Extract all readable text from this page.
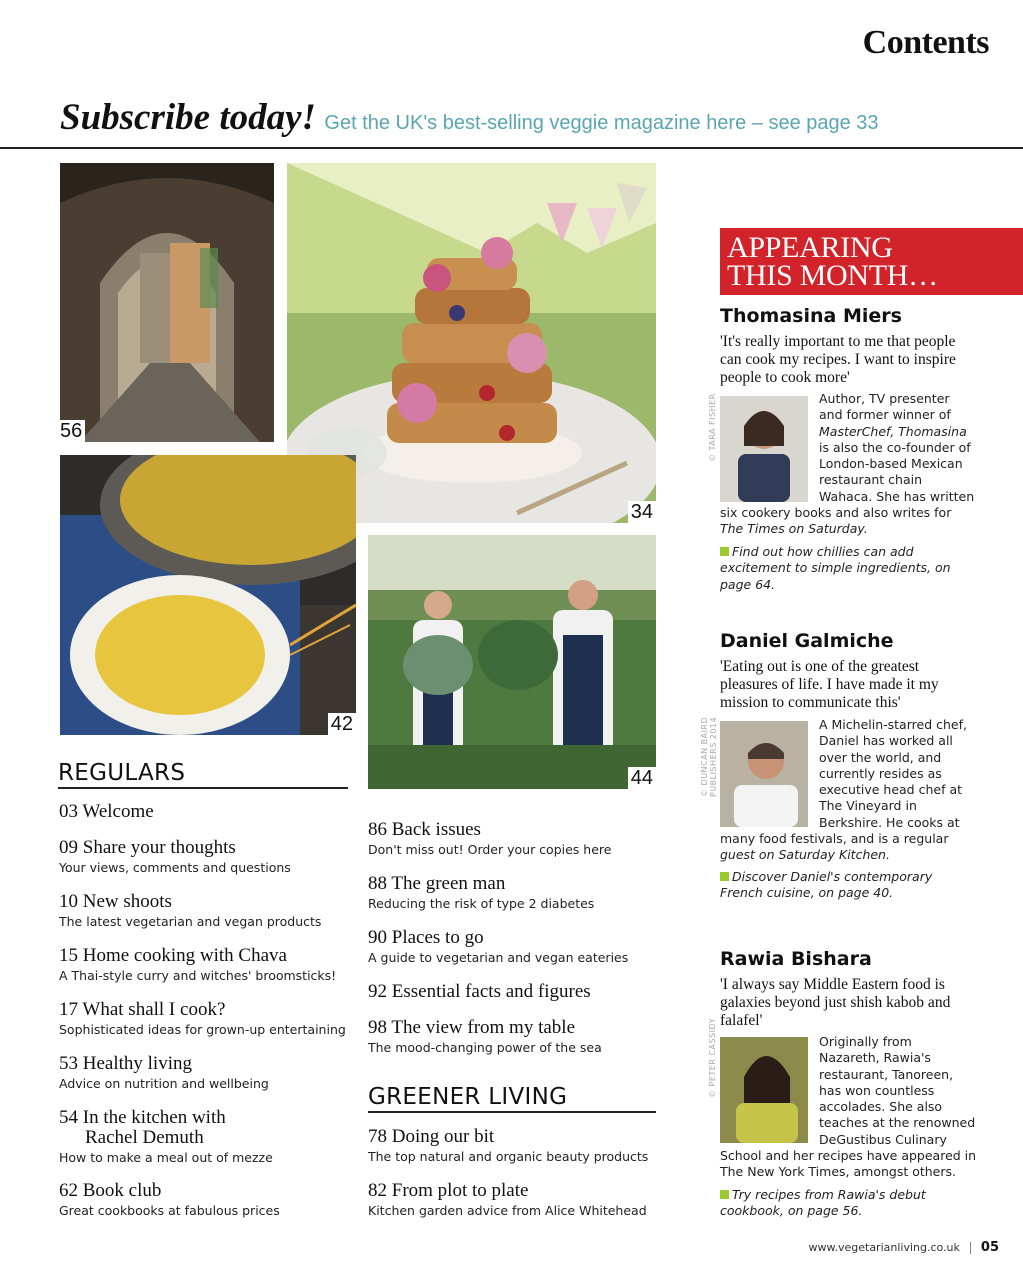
Contents
Subscribe today! Get the UK's best-selling veggie magazine here – see page 33
56
34
42
44
REGULARS
03 Welcome
09 Share your thoughts
Your views, comments and questions
10 New shoots
The latest vegetarian and vegan products
15 Home cooking with Chava
A Thai-style curry and witches' broomsticks!
17 What shall I cook?
Sophisticated ideas for grown-up entertaining
53 Healthy living
Advice on nutrition and wellbeing
54 In the kitchen with
Rachel Demuth
How to make a meal out of mezze
62 Book club
Great cookbooks at fabulous prices
86 Back issues
Don't miss out! Order your copies here
88 The green man
Reducing the risk of type 2 diabetes
90 Places to go
A guide to vegetarian and vegan eateries
92 Essential facts and figures
98 The view from my table
The mood-changing power of the sea
GREENER LIVING
78 Doing our bit
The top natural and organic beauty products
82 From plot to plate
Kitchen garden advice from Alice Whitehead
APPEARING
THIS MONTH…
Thomasina Miers
'It's really important to me that people can cook my recipes. I want to inspire people to cook more'
© TARA FISHER	Author, TV presenter
and former winner of
MasterChef, Thomasina
is also the co-founder of
London-based Mexican
restaurant chain
Wahaca. She has written
six cookery books and also writes for
The Times on Saturday.
Find out how chillies can add excitement to simple ingredients, on page 64.
Daniel Galmiche
'Eating out is one of the greatest pleasures of life. I have made it my mission to communicate this'
© DUNCAN BAIRD PUBLISHERS 2014	A Michelin-starred chef,
Daniel has worked all
over the world, and
currently resides as
executive head chef at
The Vineyard in
Berkshire. He cooks at
many food festivals, and is a regular
guest on Saturday Kitchen.
Discover Daniel's contemporary French cuisine, on page 40.
Rawia Bishara
'I always say Middle Eastern food is galaxies beyond just shish kabob and falafel'
© PETER CASSIDY	Originally from
Nazareth, Rawia's
restaurant, Tanoreen,
has won countless
accolades. She also
teaches at the renowned
DeGustibus Culinary
School and her recipes have appeared in
The New York Times, amongst others.
Try recipes from Rawia's debut cookbook, on page 56.
www.vegetarianliving.co.uk 05
